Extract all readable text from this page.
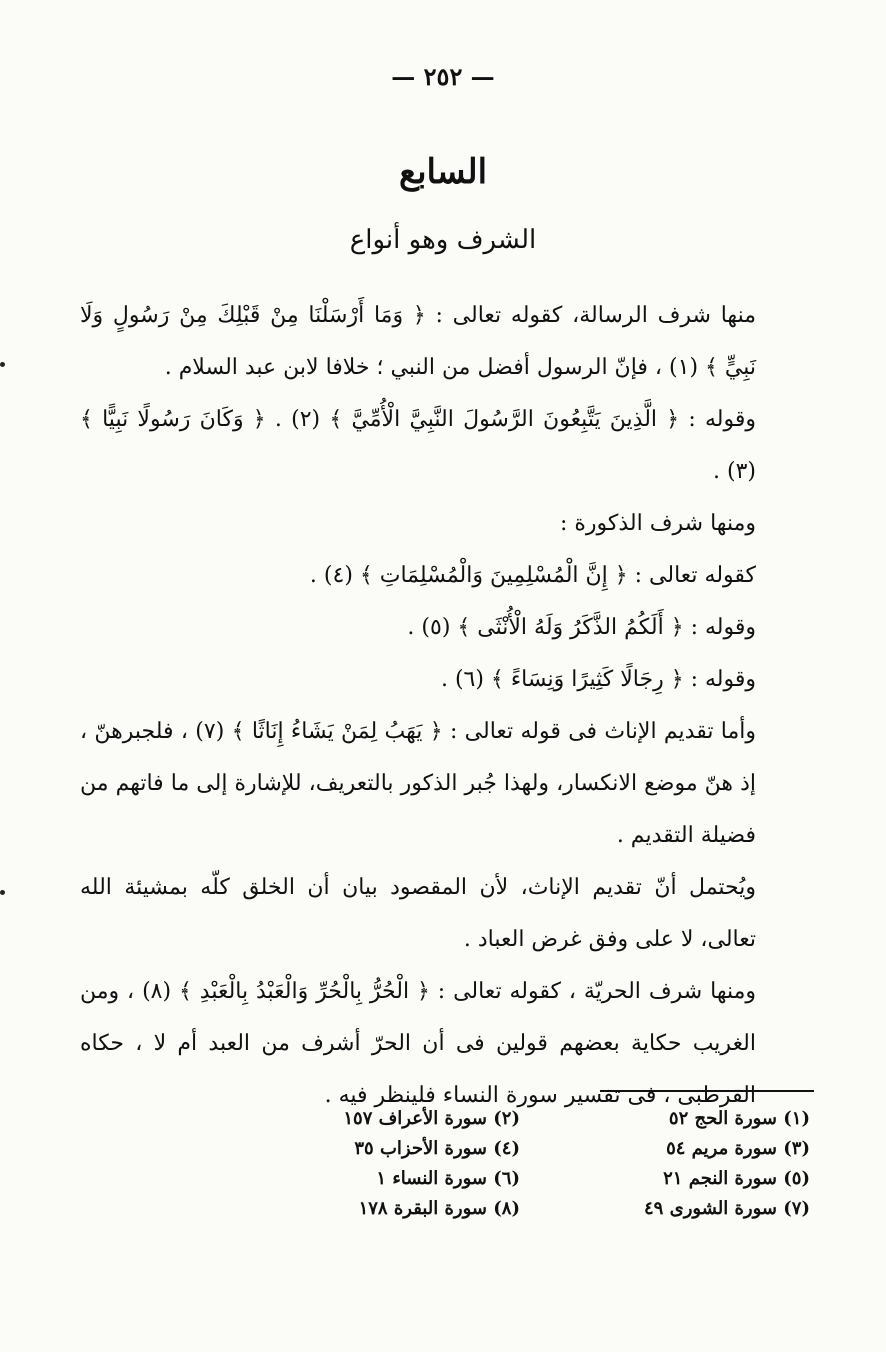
— ٢٥٢ —
السابع
الشرف وهو أنواع

منها شرف الرسالة، كقوله تعالى : ﴿ وَمَا أَرْسَلْنَا مِنْ قَبْلِكَ مِنْ رَسُولٍ وَلَا نَبِيٍّ ﴾ (١) ، فإنّ الرسول أفضل من النبي ؛ خلافا لابن عبد السلام .

وقوله : ﴿ الَّذِينَ يَتَّبِعُونَ الرَّسُولَ النَّبِيَّ الْأُمِّيَّ ﴾ (٢) . ﴿ وَكَانَ رَسُولًا نَبِيًّا ﴾ (٣) .

ومنها شرف الذكورة :

كقوله تعالى : ﴿ إِنَّ الْمُسْلِمِينَ وَالْمُسْلِمَاتِ ﴾ (٤) .

وقوله : ﴿ أَلَكُمُ الذَّكَرُ وَلَهُ الْأُنْثَى ﴾ (٥) .

وقوله : ﴿ رِجَالًا كَثِيرًا وَنِسَاءً ﴾ (٦) .

وأما تقديم الإناث فى قوله تعالى : ﴿ يَهَبُ لِمَنْ يَشَاءُ إِنَاثًا ﴾ (٧) ، فلجبرهنّ ، إذ هنّ موضع الانكسار، ولهذا جُبر الذكور بالتعريف، للإشارة إلى ما فاتهم من فضيلة التقديم .

ويُحتمل أنّ تقديم الإناث، لأن المقصود بيان أن الخلق كلّه بمشيئة الله تعالى، لا على وفق غرض العباد .

ومنها شرف الحريّة ، كقوله تعالى : ﴿ الْحُرُّ بِالْحُرِّ وَالْعَبْدُ بِالْعَبْدِ ﴾ (٨) ، ومن الغريب حكاية بعضهم قولين فى أن الحرّ أشرف من العبد أم لا ، حكاه القرطبى ، فى تفسير سورة النساء فلينظر فيه .

(١) سورة الحج ٥٢
(٢) سورة الأعراف ١٥٧
(٣) سورة مريم ٥٤
(٤) سورة الأحزاب ٣٥
(٥) سورة النجم ٢١
(٦) سورة النساء ١
(٧) سورة الشورى ٤٩
(٨) سورة البقرة ١٧٨
